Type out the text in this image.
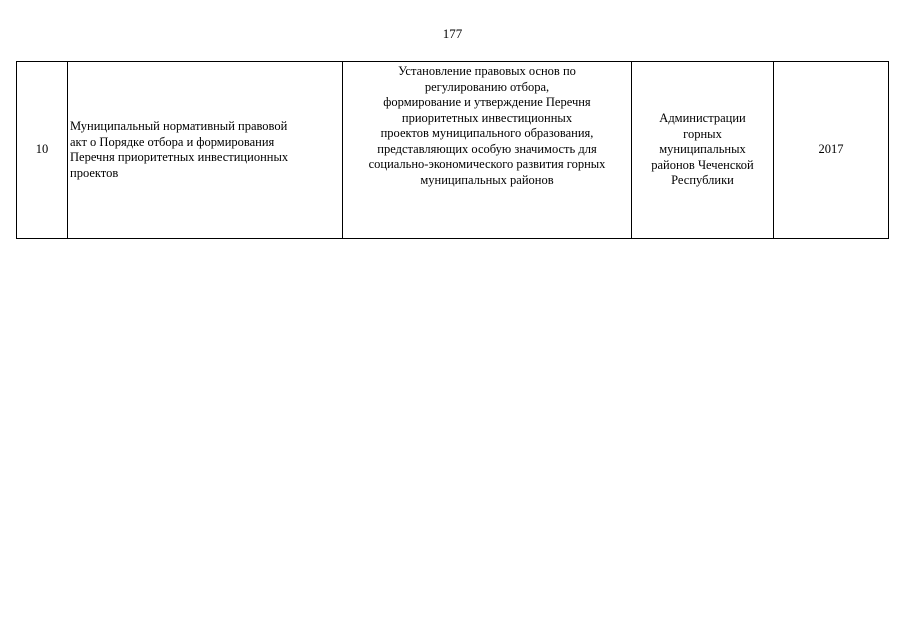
177
10

Муниципальный нормативный правовой
акт о Порядке отбора и формирования
Перечня приоритетных инвестиционных
проектов

Установление правовых основ по
регулированию отбора,
формирование и утверждение Перечня
приоритетных инвестиционных
проектов муниципального образования,
представляющих особую значимость для
социально-экономического развития горных
муниципальных районов

Администрации
горных
муниципальных
районов Чеченской
Республики

2017
